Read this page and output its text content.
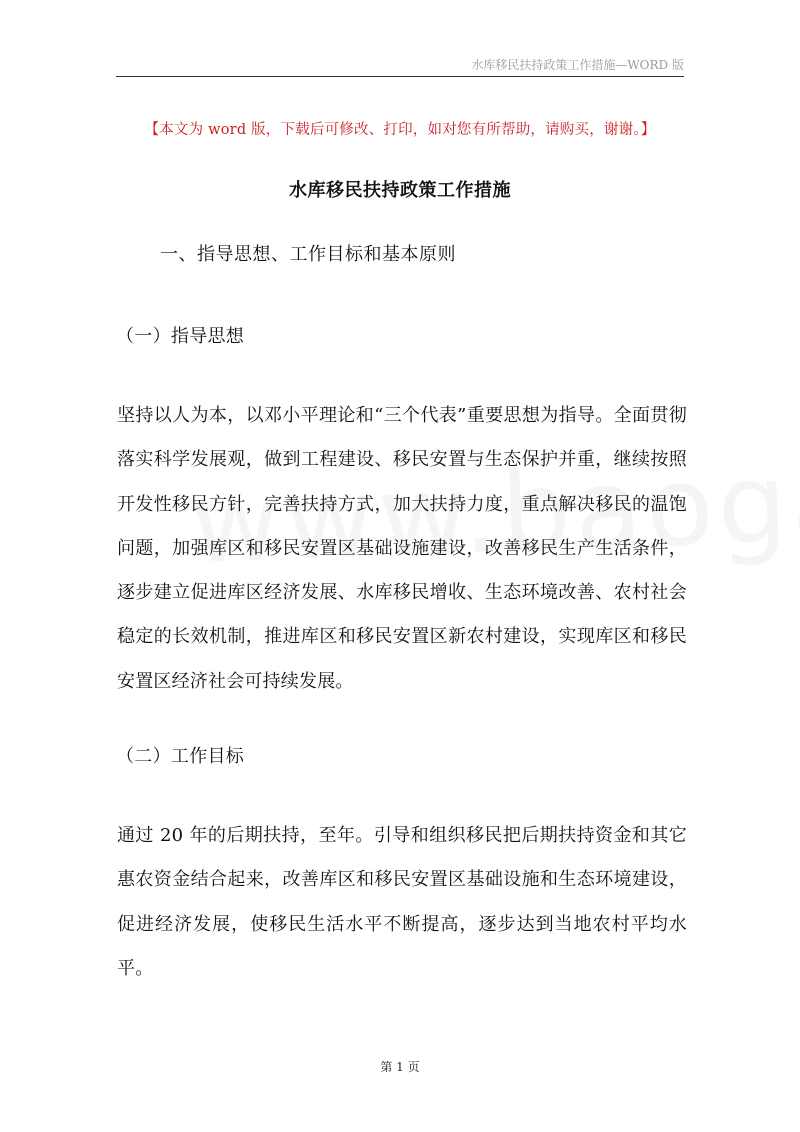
水库移民扶持政策工作措施—WORD 版
【本文为 word 版，下载后可修改、打印，如对您有所帮助，请购买，谢谢。】
水库移民扶持政策工作措施
一、指导思想、工作目标和基本原则
（一）指导思想
坚持以人为本，以邓小平理论和“三个代表”重要思想为指导。全面贯彻落实科学发展观，做到工程建设、移民安置与生态保护并重，继续按照开发性移民方针，完善扶持方式，加大扶持力度，重点解决移民的温饱问题，加强库区和移民安置区基础设施建设，改善移民生产生活条件，逐步建立促进库区经济发展、水库移民增收、生态环境改善、农村社会稳定的长效机制，推进库区和移民安置区新农村建设，实现库区和移民安置区经济社会可持续发展。
（二）工作目标
通过 20 年的后期扶持，至年。引导和组织移民把后期扶持资金和其它惠农资金结合起来，改善库区和移民安置区基础设施和生态环境建设，促进经济发展，使移民生活水平不断提高，逐步达到当地农村平均水平。
第 1 页
